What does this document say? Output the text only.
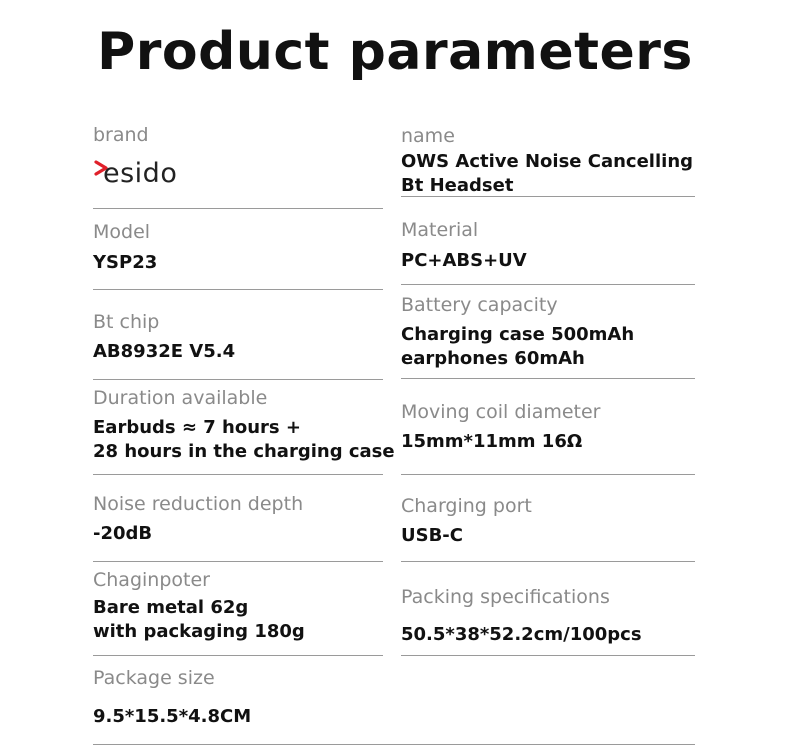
Product parameters
brand
esido
name
OWS Active Noise Cancelling
Bt Headset
Model
YSP23
Material
PC+ABS+UV
Bt chip
AB8932E V5.4
Battery capacity
Charging case 500mAh
earphones 60mAh
Duration available
Earbuds ≈ 7 hours +
28 hours in the charging case
Moving coil diameter
15mm*11mm 16Ω
Noise reduction depth
-20dB
Charging port
USB-C
Chaginpoter
Bare metal 62g
with packaging 180g
Packing specifications
50.5*38*52.2cm/100pcs
Package size
9.5*15.5*4.8CM
